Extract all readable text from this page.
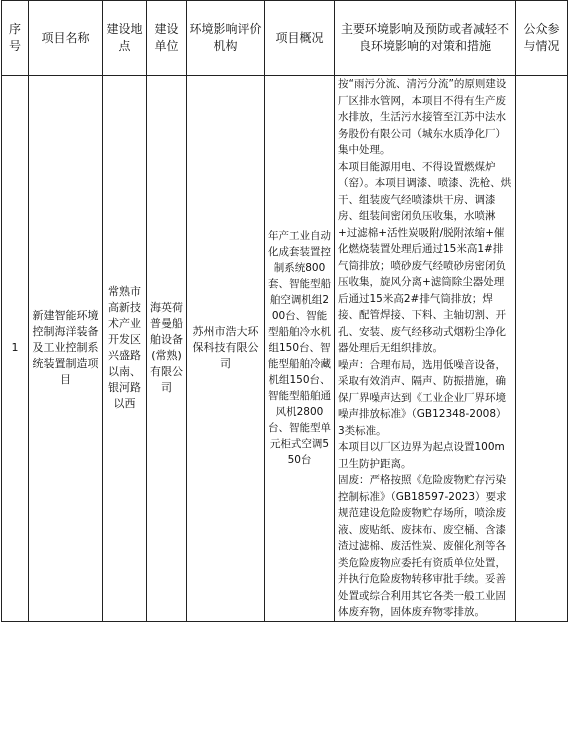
序号	项目名称	建设地点	建设单位	环境影响评价机构	项目概况	主要环境影响及预防或者减轻不良环境影响的对策和措施	公众参与情况
1	新建智能环境控制海洋装备及工业控制系统装置制造项目	常熟市高新技术产业开发区兴盛路以南、银河路以西	海英荷普曼船舶设备(常熟)有限公司	苏州市浩大环保科技有限公司	年产工业自动化成套装置控制系统800套、智能型船舶空调机组200台、智能型船舶冷水机组150台、智能型船舶冷藏机组150台、智能型船舶通风机2800台、智能型单元柜式空调550台	按“雨污分流、清污分流”的原则建设厂区排水管网，本项目不得有生产废水排放，生活污水接管至江苏中法水务股份有限公司（城东水质净化厂）集中处理。

本项目能源用电、不得设置燃煤炉（窑）。本项目调漆、喷漆、洗枪、烘干、组装废气经喷漆烘干房、调漆房、组装间密闭负压收集，水喷淋+过滤棉+活性炭吸附/脱附浓缩+催化燃烧装置处理后通过15米高1#排气筒排放；喷砂废气经喷砂房密闭负压收集，旋风分离+滤筒除尘器处理后通过15米高2#排气筒排放；焊接、配管焊接、下料、主轴切割、开孔、安装、废气经移动式烟粉尘净化器处理后无组织排放。

噪声：合理布局，选用低噪音设备，采取有效消声、隔声、防振措施，确保厂界噪声达到《工业企业厂界环境噪声排放标准》（GB12348-2008）3类标准。

本项目以厂区边界为起点设置100m卫生防护距离。

固废：严格按照《危险废物贮存污染控制标准》（GB18597-2023）要求规范建设危险废物贮存场所，喷涂废液、废贴纸、废抹布、废空桶、含漆渣过滤棉、废活性炭、废催化剂等各类危险废物应委托有资质单位处置，并执行危险废物转移审批手续。妥善处置或综合利用其它各类一般工业固体废弃物，固体废弃物零排放。	
